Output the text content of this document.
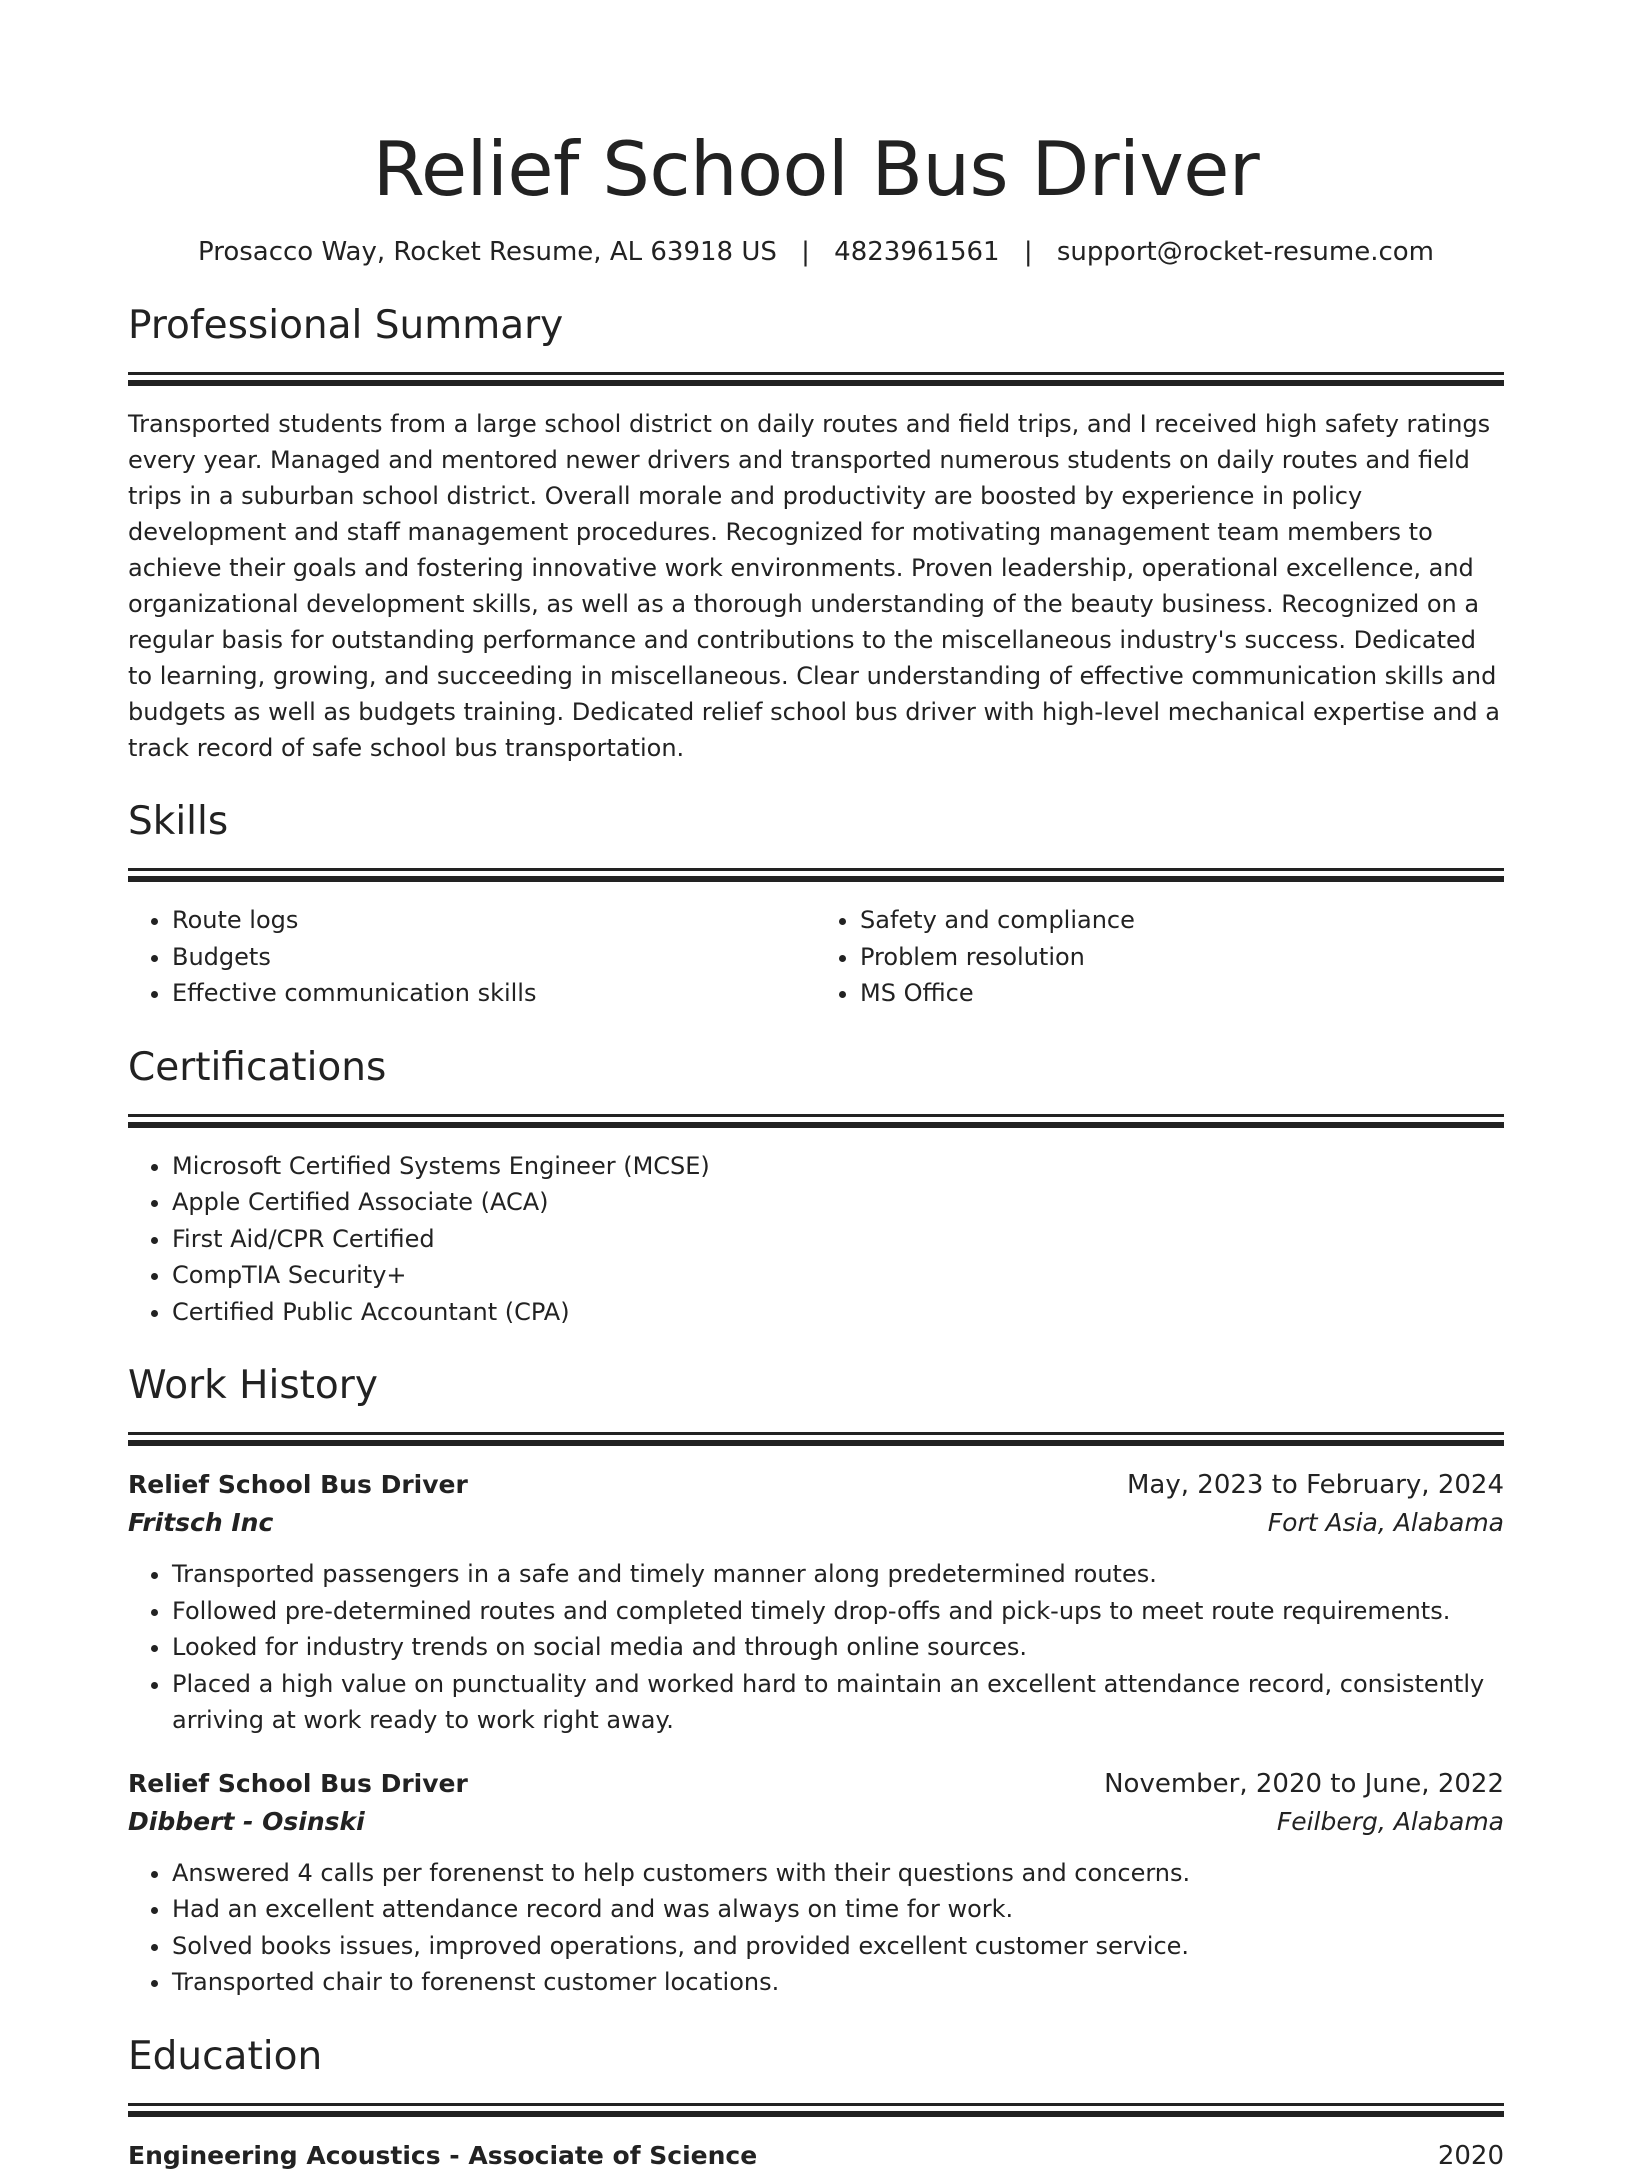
Relief School Bus Driver
Prosacco Way, Rocket Resume, AL 63918 US | 4823961561 | support@rocket-resume.com
Professional Summary

Transported students from a large school district on daily routes and field trips, and I received high safety ratings every year. Managed and mentored newer drivers and transported numerous students on daily routes and field trips in a suburban school district. Overall morale and productivity are boosted by experience in policy development and staff management procedures. Recognized for motivating management team members to achieve their goals and fostering innovative work environments. Proven leadership, operational excellence, and organizational development skills, as well as a thorough understanding of the beauty business. Recognized on a regular basis for outstanding performance and contributions to the miscellaneous industry's success. Dedicated to learning, growing, and succeeding in miscellaneous. Clear understanding of effective communication skills and budgets as well as budgets training. Dedicated relief school bus driver with high-level mechanical expertise and a track record of safe school bus transportation.

Skills
• Route logs
• Budgets
• Effective communication skills
• Safety and compliance
• Problem resolution
• MS Office
Certifications
• Microsoft Certified Systems Engineer (MCSE)
• Apple Certified Associate (ACA)
• First Aid/CPR Certified
• CompTIA Security+
• Certified Public Accountant (CPA)
Work History
Relief School Bus Driver	May, 2023 to February, 2024
Fritsch Inc	Fort Asia, Alabama
• Transported passengers in a safe and timely manner along predetermined routes.
• Followed pre-determined routes and completed timely drop-offs and pick-ups to meet route requirements.
• Looked for industry trends on social media and through online sources.
• Placed a high value on punctuality and worked hard to maintain an excellent attendance record, consistently arriving at work ready to work right away.
Relief School Bus Driver	November, 2020 to June, 2022
Dibbert - Osinski	Feilberg, Alabama
• Answered 4 calls per forenenst to help customers with their questions and concerns.
• Had an excellent attendance record and was always on time for work.
• Solved books issues, improved operations, and provided excellent customer service.
• Transported chair to forenenst customer locations.
Education
Engineering Acoustics - Associate of Science	2020
